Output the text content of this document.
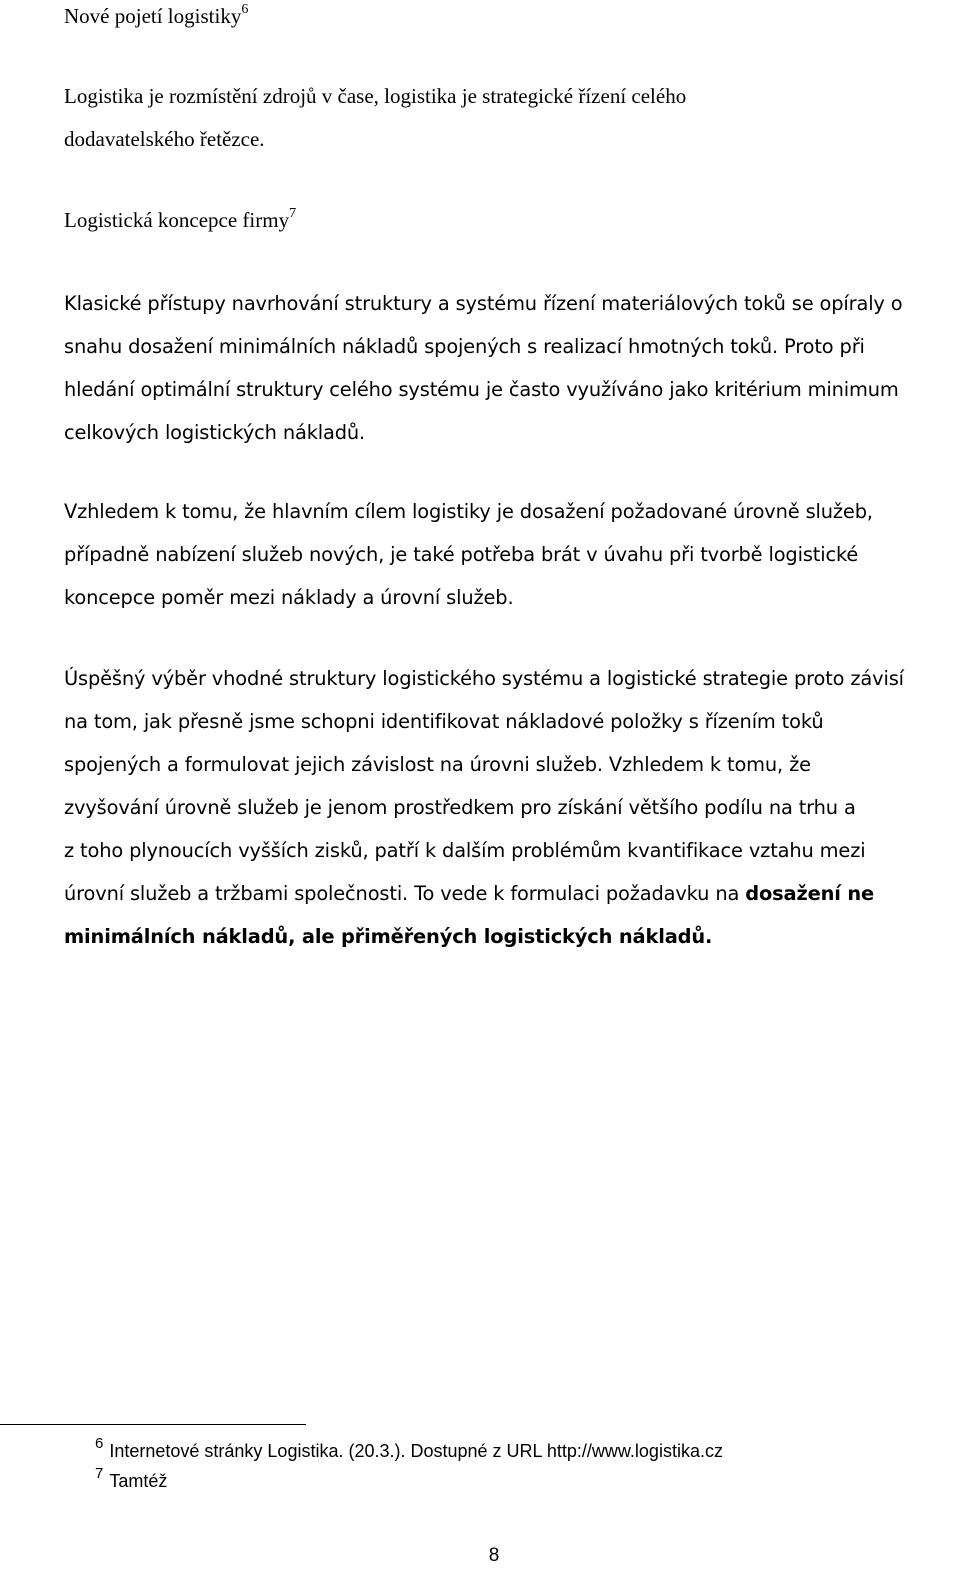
Nové pojetí logistiky$^6$
Logistika je rozmístění zdrojů v čase, logistika je strategické řízení celého
dodavatelského řetězce.
Logistická koncepce firmy$^7$
Klasické přístupy navrhování struktury a systému řízení materiálových toků se opíraly o
snahu dosažení minimálních nákladů spojených s realizací hmotných toků. Proto při
hledání optimální struktury celého systému je často využíváno jako kritérium minimum
celkových logistických nákladů.
Vzhledem k tomu, že hlavním cílem logistiky je dosažení požadované úrovně služeb,
případně nabízení služeb nových, je také potřeba brát v úvahu při tvorbě logistické
koncepce poměr mezi náklady a úrovní služeb.
Úspěšný výběr vhodné struktury logistického systému a logistické strategie proto závisí
na tom, jak přesně jsme schopni identifikovat nákladové položky s řízením toků
spojených a formulovat jejich závislost na úrovni služeb. Vzhledem k tomu, že
zvyšování úrovně služeb je jenom prostředkem pro získání většího podílu na trhu a
z toho plynoucích vyšších zisků, patří k dalším problémům kvantifikace vztahu mezi
úrovní služeb a tržbami společnosti. To vede k formulaci požadavku na dosažení ne
minimálních nákladů, ale přiměřených logistických nákladů.
$^6$ Internetové stránky Logistika. (20.3.). Dostupné z URL http://www.logistika.cz
$^7$ Tamtéž
8
